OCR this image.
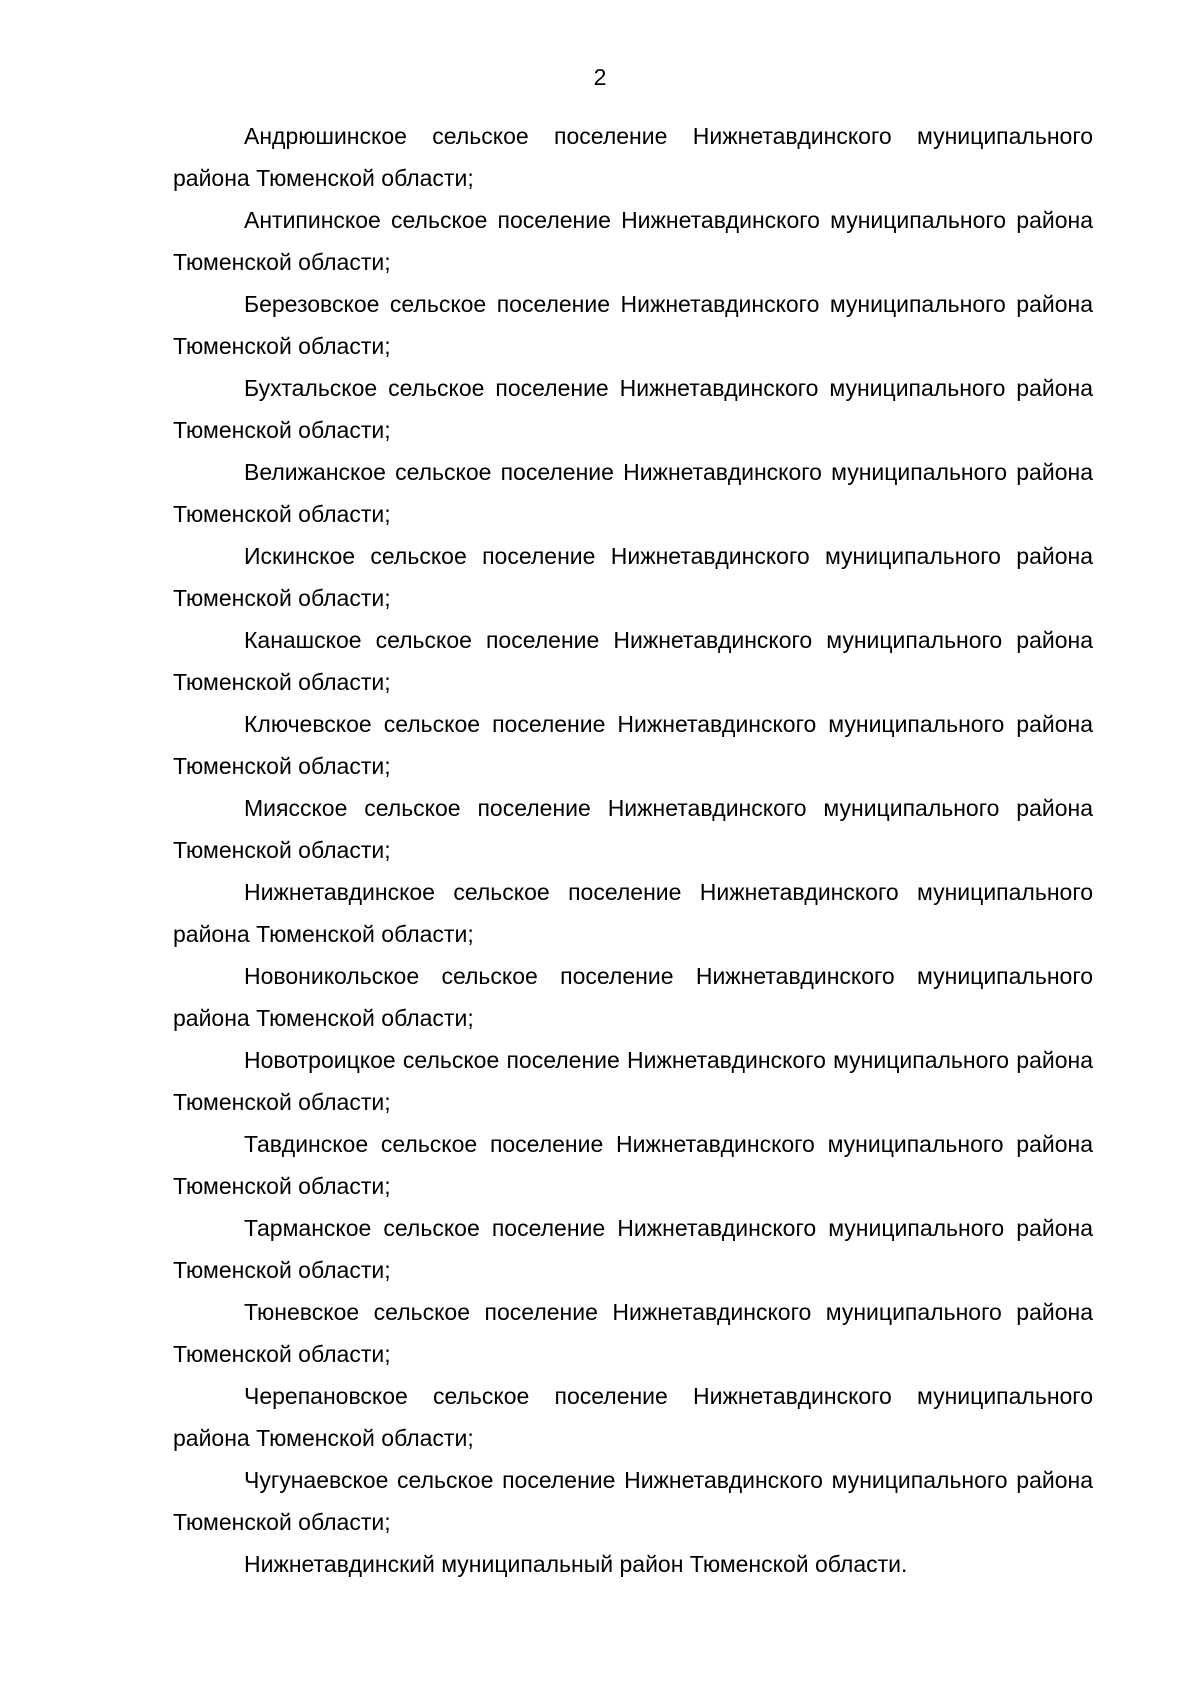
2

Андрюшинское сельское поселение Нижнетавдинского муниципального района Тюменской области;

Антипинское сельское поселение Нижнетавдинского муниципального района Тюменской области;

Березовское сельское поселение Нижнетавдинского муниципального района Тюменской области;

Бухтальское сельское поселение Нижнетавдинского муниципального района Тюменской области;

Велижанское сельское поселение Нижнетавдинского муниципального района Тюменской области;

Искинское сельское поселение Нижнетавдинского муниципального района Тюменской области;

Канашское сельское поселение Нижнетавдинского муниципального района Тюменской области;

Ключевское сельское поселение Нижнетавдинского муниципального района Тюменской области;

Миясское сельское поселение Нижнетавдинского муниципального района Тюменской области;

Нижнетавдинское сельское поселение Нижнетавдинского муниципального района Тюменской области;

Новоникольское сельское поселение Нижнетавдинского муниципального района Тюменской области;

Новотроицкое сельское поселение Нижнетавдинского муниципального района Тюменской области;

Тавдинское сельское поселение Нижнетавдинского муниципального района Тюменской области;

Тарманское сельское поселение Нижнетавдинского муниципального района Тюменской области;

Тюневское сельское поселение Нижнетавдинского муниципального района Тюменской области;

Черепановское сельское поселение Нижнетавдинского муниципального района Тюменской области;

Чугунаевское сельское поселение Нижнетавдинского муниципального района Тюменской области;

Нижнетавдинский муниципальный район Тюменской области.
